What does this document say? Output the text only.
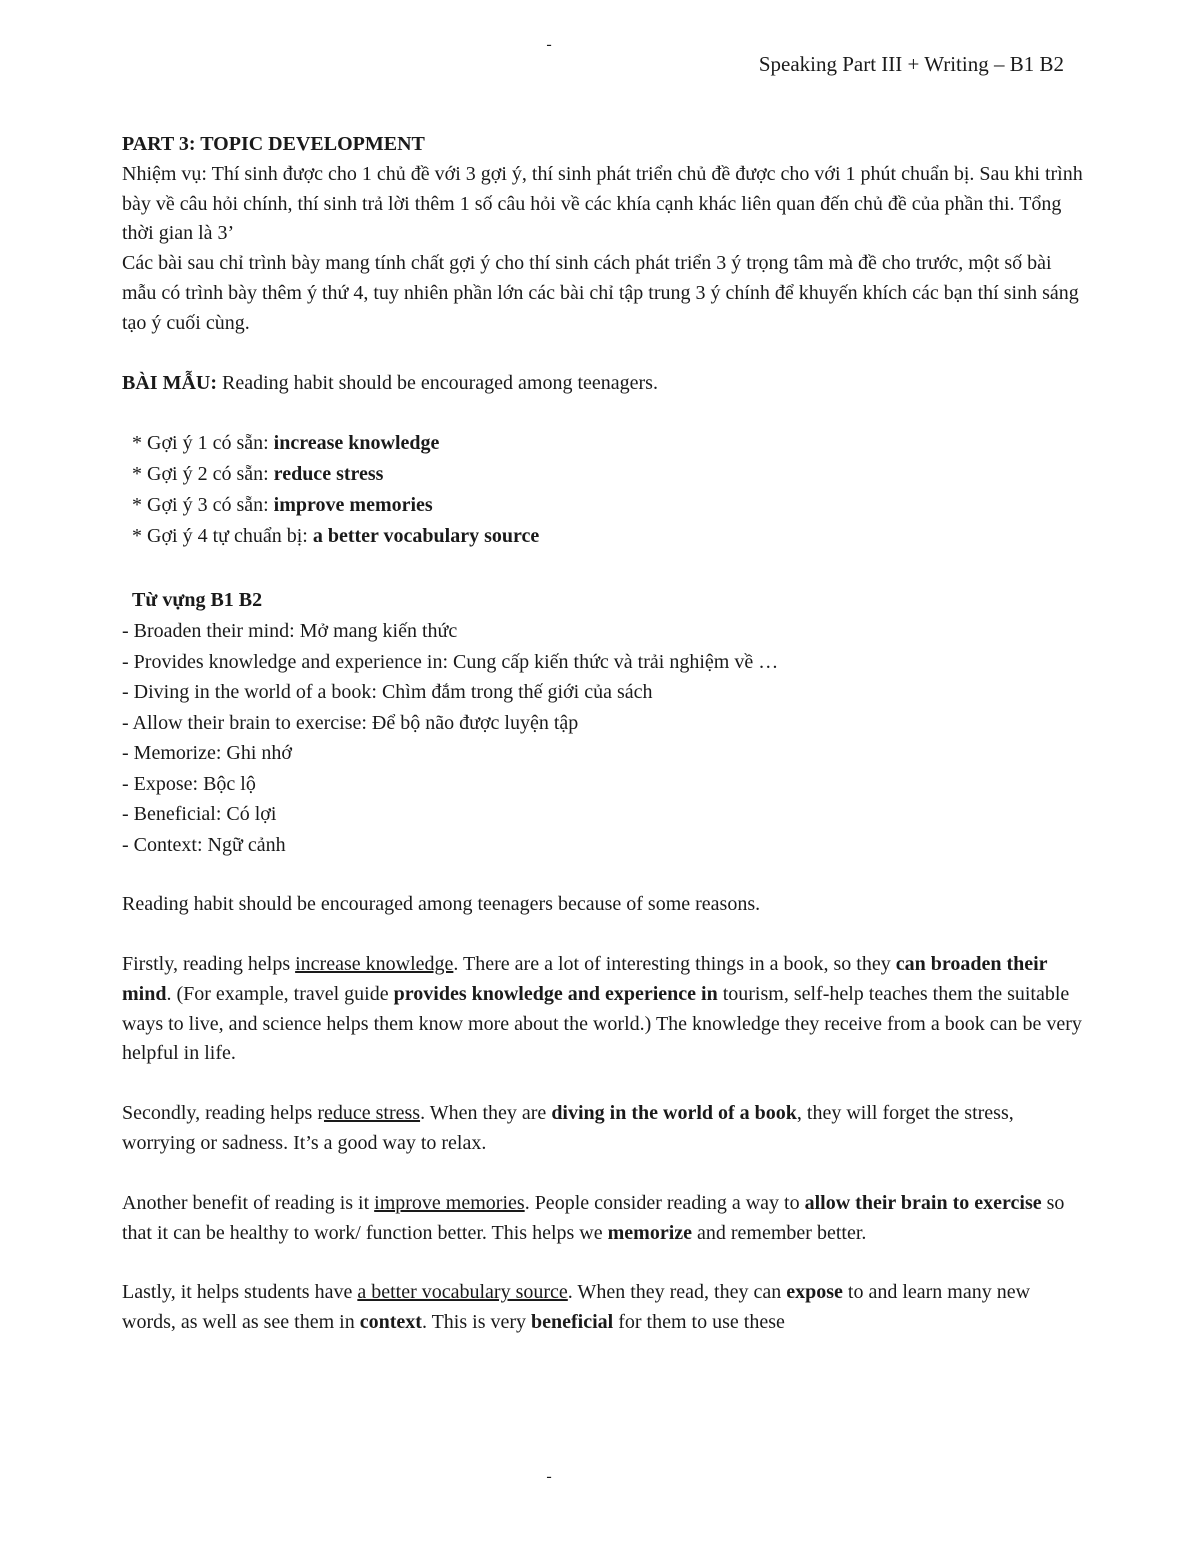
-
Speaking Part III + Writing – B1 B2

PART 3: TOPIC DEVELOPMENT

Nhiệm vụ: Thí sinh được cho 1 chủ đề với 3 gợi ý, thí sinh phát triển chủ đề được cho với 1 phút chuẩn bị. Sau khi trình bày về câu hỏi chính, thí sinh trả lời thêm 1 số câu hỏi về các khía cạnh khác liên quan đến chủ đề của phần thi. Tổng thời gian là 3’

Các bài sau chỉ trình bày mang tính chất gợi ý cho thí sinh cách phát triển 3 ý trọng tâm mà đề cho trước, một số bài mẫu có trình bày thêm ý thứ 4, tuy nhiên phần lớn các bài chỉ tập trung 3 ý chính để khuyến khích các bạn thí sinh sáng tạo ý cuối cùng.

BÀI MẪU: Reading habit should be encouraged among teenagers.

* Gợi ý 1 có sẵn: increase knowledge
* Gợi ý 2 có sẵn: reduce stress
* Gợi ý 3 có sẵn: improve memories
* Gợi ý 4 tự chuẩn bị: a better vocabulary source
Từ vựng B1 B2
- Broaden their mind: Mở mang kiến thức
- Provides knowledge and experience in: Cung cấp kiến thức và trải nghiệm về …
- Diving in the world of a book: Chìm đắm trong thế giới của sách
- Allow their brain to exercise: Để bộ não được luyện tập
- Memorize: Ghi nhớ
- Expose: Bộc lộ
- Beneficial: Có lợi
- Context: Ngữ cảnh

Reading habit should be encouraged among teenagers because of some reasons.

Firstly, reading helps increase knowledge. There are a lot of interesting things in a book, so they can broaden their mind. (For example, travel guide provides knowledge and experience in tourism, self-help teaches them the suitable ways to live, and science helps them know more about the world.) The knowledge they receive from a book can be very helpful in life.

Secondly, reading helps reduce stress. When they are diving in the world of a book, they will forget the stress, worrying or sadness. It’s a good way to relax.

Another benefit of reading is it improve memories. People consider reading a way to allow their brain to exercise so that it can be healthy to work/ function better. This helps we memorize and remember better.

Lastly, it helps students have a better vocabulary source. When they read, they can expose to and learn many new words, as well as see them in context. This is very beneficial for them to use these

-
